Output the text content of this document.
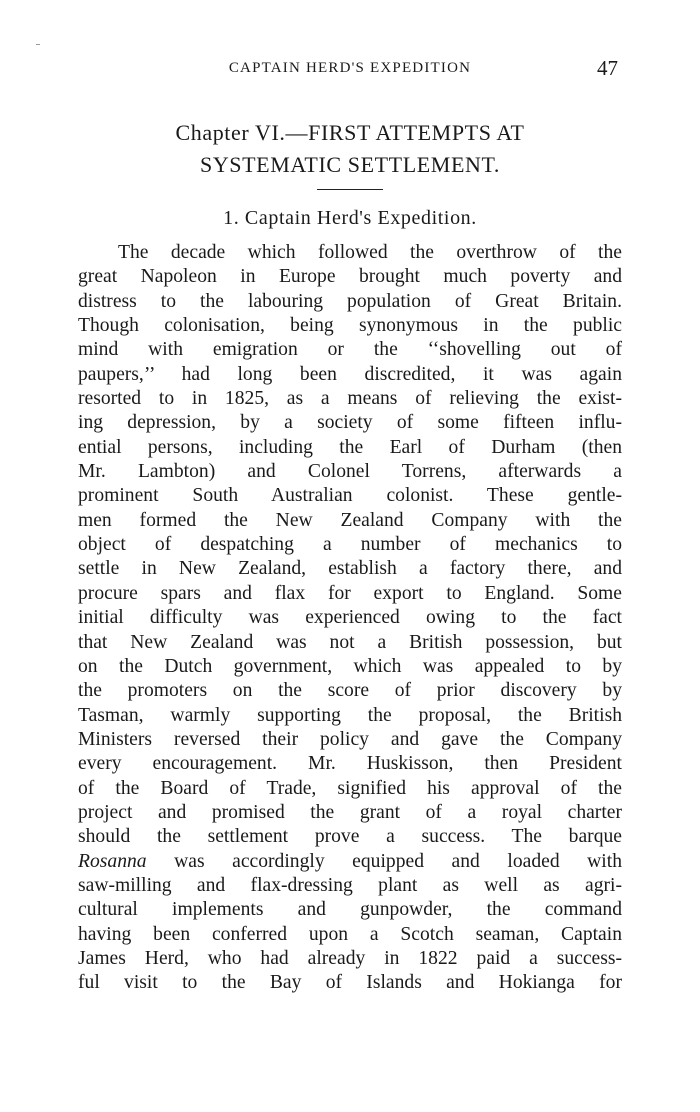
CAPTAIN HERD'S EXPEDITION	47
Chapter VI.—FIRST ATTEMPTS AT
SYSTEMATIC SETTLEMENT.
1. Captain Herd's Expedition.
The decade which followed the overthrow of the
great Napoleon in Europe brought much poverty and
distress to the labouring population of Great Britain.
Though colonisation, being synonymous in the public
mind with emigration or the ‘‘shovelling out of
paupers,’’ had long been discredited, it was again
resorted to in 1825, as a means of relieving the exist-
ing depression, by a society of some fifteen influ-
ential persons, including the Earl of Durham (then
Mr. Lambton) and Colonel Torrens, afterwards a
prominent South Australian colonist. These gentle-
men formed the New Zealand Company with the
object of despatching a number of mechanics to
settle in New Zealand, establish a factory there, and
procure spars and flax for export to England. Some
initial difficulty was experienced owing to the fact
that New Zealand was not a British possession, but
on the Dutch government, which was appealed to by
the promoters on the score of prior discovery by
Tasman, warmly supporting the proposal, the British
Ministers reversed their policy and gave the Company
every encouragement. Mr. Huskisson, then President
of the Board of Trade, signified his approval of the
project and promised the grant of a royal charter
should the settlement prove a success. The barque
Rosanna was accordingly equipped and loaded with
saw-milling and flax-dressing plant as well as agri-
cultural implements and gunpowder, the command
having been conferred upon a Scotch seaman, Captain
James Herd, who had already in 1822 paid a success-
ful visit to the Bay of Islands and Hokianga for
